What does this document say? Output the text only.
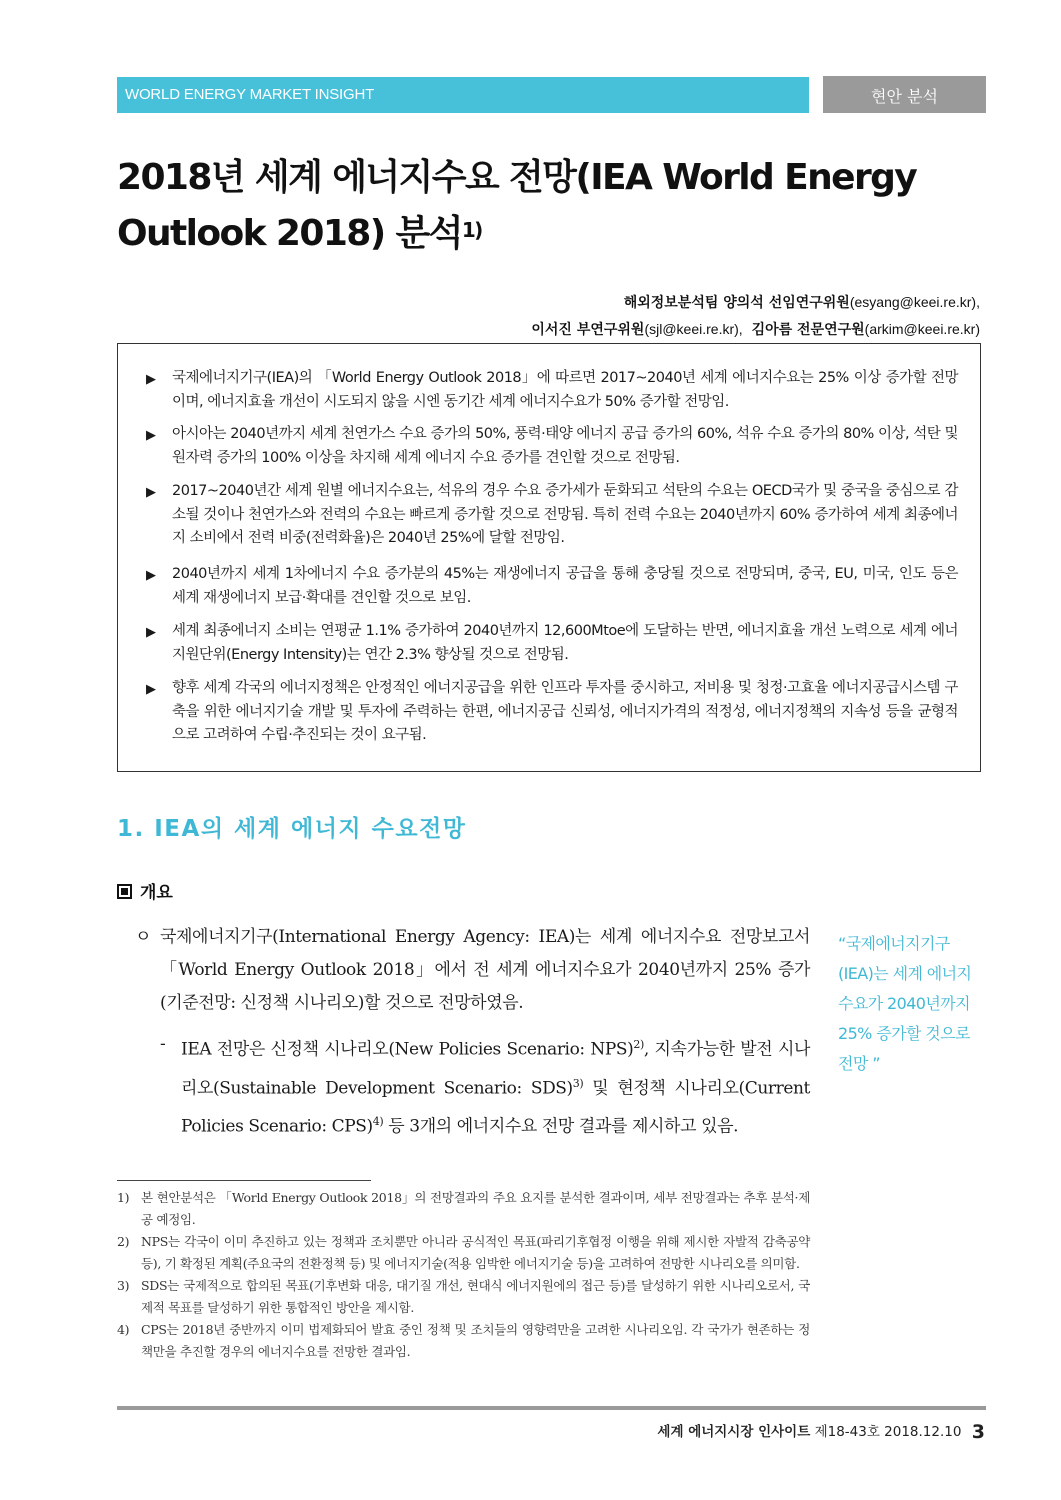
WORLD ENERGY MARKET INSIGHT	현안 분석
2018년 세계 에너지수요 전망(IEA World Energy
Outlook 2018) 분석$^{1)}$
해외정보분석팀 양의석 선임연구위원(esyang@keei.re.kr),
이서진 부연구위원(sjl@keei.re.kr), 김아름 전문연구원(arkim@keei.re.kr)
▶	국제에너지기구(IEA)의 「World Energy Outlook 2018」에 따르면 2017~2040년 세계 에너지수요는 25% 이상 증가할 전망이며, 에너지효율 개선이 시도되지 않을 시엔 동기간 세계 에너지수요가 50% 증가할 전망임.
▶	아시아는 2040년까지 세계 천연가스 수요 증가의 50%, 풍력·태양 에너지 공급 증가의 60%, 석유 수요 증가의 80% 이상, 석탄 및 원자력 증가의 100% 이상을 차지해 세계 에너지 수요 증가를 견인할 것으로 전망됨.
▶	2017~2040년간 세계 원별 에너지수요는, 석유의 경우 수요 증가세가 둔화되고 석탄의 수요는 OECD국가 및 중국을 중심으로 감소될 것이나 천연가스와 전력의 수요는 빠르게 증가할 것으로 전망됨. 특히 전력 수요는 2040년까지 60% 증가하여 세계 최종에너지 소비에서 전력 비중(전력화율)은 2040년 25%에 달할 전망임.
▶	2040년까지 세계 1차에너지 수요 증가분의 45%는 재생에너지 공급을 통해 충당될 것으로 전망되며, 중국, EU, 미국, 인도 등은 세계 재생에너지 보급·확대를 견인할 것으로 보임.
▶	세계 최종에너지 소비는 연평균 1.1% 증가하여 2040년까지 12,600Mtoe에 도달하는 반면, 에너지효율 개선 노력으로 세계 에너지원단위(Energy Intensity)는 연간 2.3% 향상될 것으로 전망됨.
▶	향후 세계 각국의 에너지정책은 안정적인 에너지공급을 위한 인프라 투자를 중시하고, 저비용 및 청정·고효율 에너지공급시스템 구축을 위한 에너지기술 개발 및 투자에 주력하는 한편, 에너지공급 신뢰성, 에너지가격의 적정성, 에너지정책의 지속성 등을 균형적으로 고려하여 수립·추진되는 것이 요구됨.
1. IEA의 세계 에너지 수요전망
개요
ㅇ 국제에너지기구(International Energy Agency: IEA)는 세계 에너지수요 전망보고서 「World Energy Outlook 2018」에서 전 세계 에너지수요가 2040년까지 25% 증가(기준전망: 신정책 시나리오)할 것으로 전망하였음.
- IEA 전망은 신정책 시나리오(New Policies Scenario: NPS)$^{2)}$, 지속가능한 발전 시나리오(Sustainable Development Scenario: SDS)$^{3)}$ 및 현정책 시나리오(Current Policies Scenario: CPS)$^{4)}$ 등 3개의 에너지수요 전망 결과를 제시하고 있음.
“국제에너지기구(IEA)는 세계 에너지수요가 2040년까지 25% 증가할 것으로 전망 ”
1) 본 현안분석은 「World Energy Outlook 2018」의 전망결과의 주요 요지를 분석한 결과이며, 세부 전망결과는 추후 분석·제공 예정임.
2) NPS는 각국이 이미 추진하고 있는 정책과 조치뿐만 아니라 공식적인 목표(파리기후협정 이행을 위해 제시한 자발적 감축공약 등), 기 확정된 계획(주요국의 전환정책 등) 및 에너지기술(적용 임박한 에너지기술 등)을 고려하여 전망한 시나리오를 의미함.
3) SDS는 국제적으로 합의된 목표(기후변화 대응, 대기질 개선, 현대식 에너지원에의 접근 등)를 달성하기 위한 시나리오로서, 국제적 목표를 달성하기 위한 통합적인 방안을 제시함.
4) CPS는 2018년 중반까지 이미 법제화되어 발효 중인 정책 및 조치들의 영향력만을 고려한 시나리오임. 각 국가가 현존하는 정책만을 추진할 경우의 에너지수요를 전망한 결과임.
세계 에너지시장 인사이트 제18-43호 2018.12.10 3
